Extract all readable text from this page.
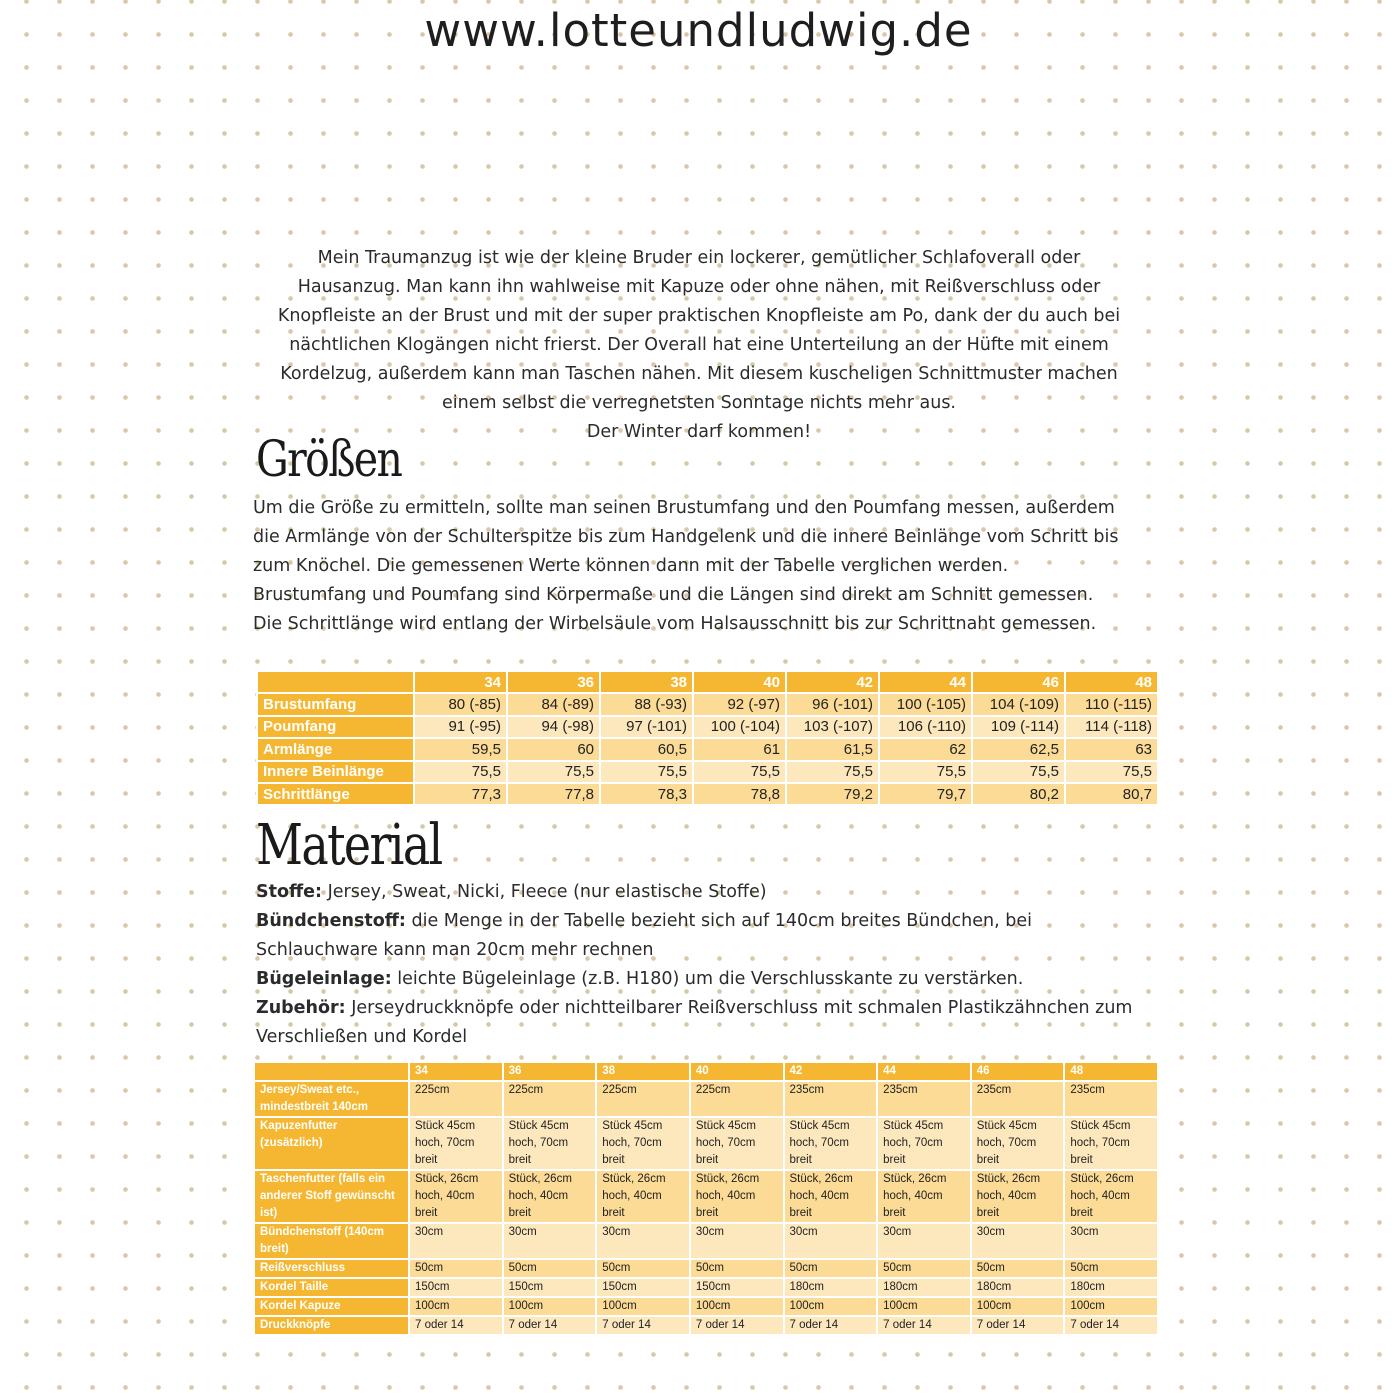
www.lotteundludwig.de

Mein Traumanzug ist wie der kleine Bruder ein lockerer, gemütlicher Schlafoverall oder

Hausanzug. Man kann ihn wahlweise mit Kapuze oder ohne nähen, mit Reißverschluss oder

Knopfleiste an der Brust und mit der super praktischen Knopfleiste am Po, dank der du auch bei

nächtlichen Klogängen nicht frierst. Der Overall hat eine Unterteilung an der Hüfte mit einem

Kordelzug, außerdem kann man Taschen nähen. Mit diesem kuscheligen Schnittmuster machen

einem selbst die verregnetsten Sonntage nichts mehr aus.

Der Winter darf kommen!

Größen

Um die Größe zu ermitteln, sollte man seinen Brustumfang und den Poumfang messen, außerdem die Armlänge von der Schulterspitze bis zum Handgelenk und die innere Beinlänge vom Schritt bis zum Knöchel. Die gemessenen Werte können dann mit der Tabelle verglichen werden. Brustumfang und Poumfang sind Körpermaße und die Längen sind direkt am Schnitt gemessen. Die Schrittlänge wird entlang der Wirbelsäule vom Halsausschnitt bis zur Schrittnaht gemessen.

	34	36	38	40	42	44	46	48
Brustumfang	80 (-85)	84 (-89)	88 (-93)	92 (-97)	96 (-101)	100 (-105)	104 (-109)	110 (-115)
Poumfang	91 (-95)	94 (-98)	97 (-101)	100 (-104)	103 (-107)	106 (-110)	109 (-114)	114 (-118)
Armlänge	59,5	60	60,5	61	61,5	62	62,5	63
Innere Beinlänge	75,5	75,5	75,5	75,5	75,5	75,5	75,5	75,5
Schrittlänge	77,3	77,8	78,3	78,8	79,2	79,7	80,2	80,7
Material

Stoffe: Jersey, Sweat, Nicki, Fleece (nur elastische Stoffe)

Bündchenstoff: die Menge in der Tabelle bezieht sich auf 140cm breites Bündchen, bei Schlauchware kann man 20cm mehr rechnen

Bügeleinlage: leichte Bügeleinlage (z.B. H180) um die Verschlusskante zu verstärken.

Zubehör: Jerseydruckknöpfe oder nichtteilbarer Reißverschluss mit schmalen Plastikzähnchen zum Verschließen und Kordel

	34	36	38	40	42	44	46	48
Jersey/Sweat etc., mindestbreit 140cm	225cm	225cm	225cm	225cm	235cm	235cm	235cm	235cm
Kapuzenfutter (zusätzlich)	Stück 45cm hoch, 70cm breit	Stück 45cm hoch, 70cm breit	Stück 45cm hoch, 70cm breit	Stück 45cm hoch, 70cm breit	Stück 45cm hoch, 70cm breit	Stück 45cm hoch, 70cm breit	Stück 45cm hoch, 70cm breit	Stück 45cm hoch, 70cm breit
Taschenfutter (falls ein anderer Stoff gewünscht ist)	Stück, 26cm hoch, 40cm breit	Stück, 26cm hoch, 40cm breit	Stück, 26cm hoch, 40cm breit	Stück, 26cm hoch, 40cm breit	Stück, 26cm hoch, 40cm breit	Stück, 26cm hoch, 40cm breit	Stück, 26cm hoch, 40cm breit	Stück, 26cm hoch, 40cm breit
Bündchenstoff (140cm breit)	30cm	30cm	30cm	30cm	30cm	30cm	30cm	30cm
Reißverschluss	50cm	50cm	50cm	50cm	50cm	50cm	50cm	50cm
Kordel Taille	150cm	150cm	150cm	150cm	180cm	180cm	180cm	180cm
Kordel Kapuze	100cm	100cm	100cm	100cm	100cm	100cm	100cm	100cm
Druckknöpfe	7 oder 14	7 oder 14	7 oder 14	7 oder 14	7 oder 14	7 oder 14	7 oder 14	7 oder 14
